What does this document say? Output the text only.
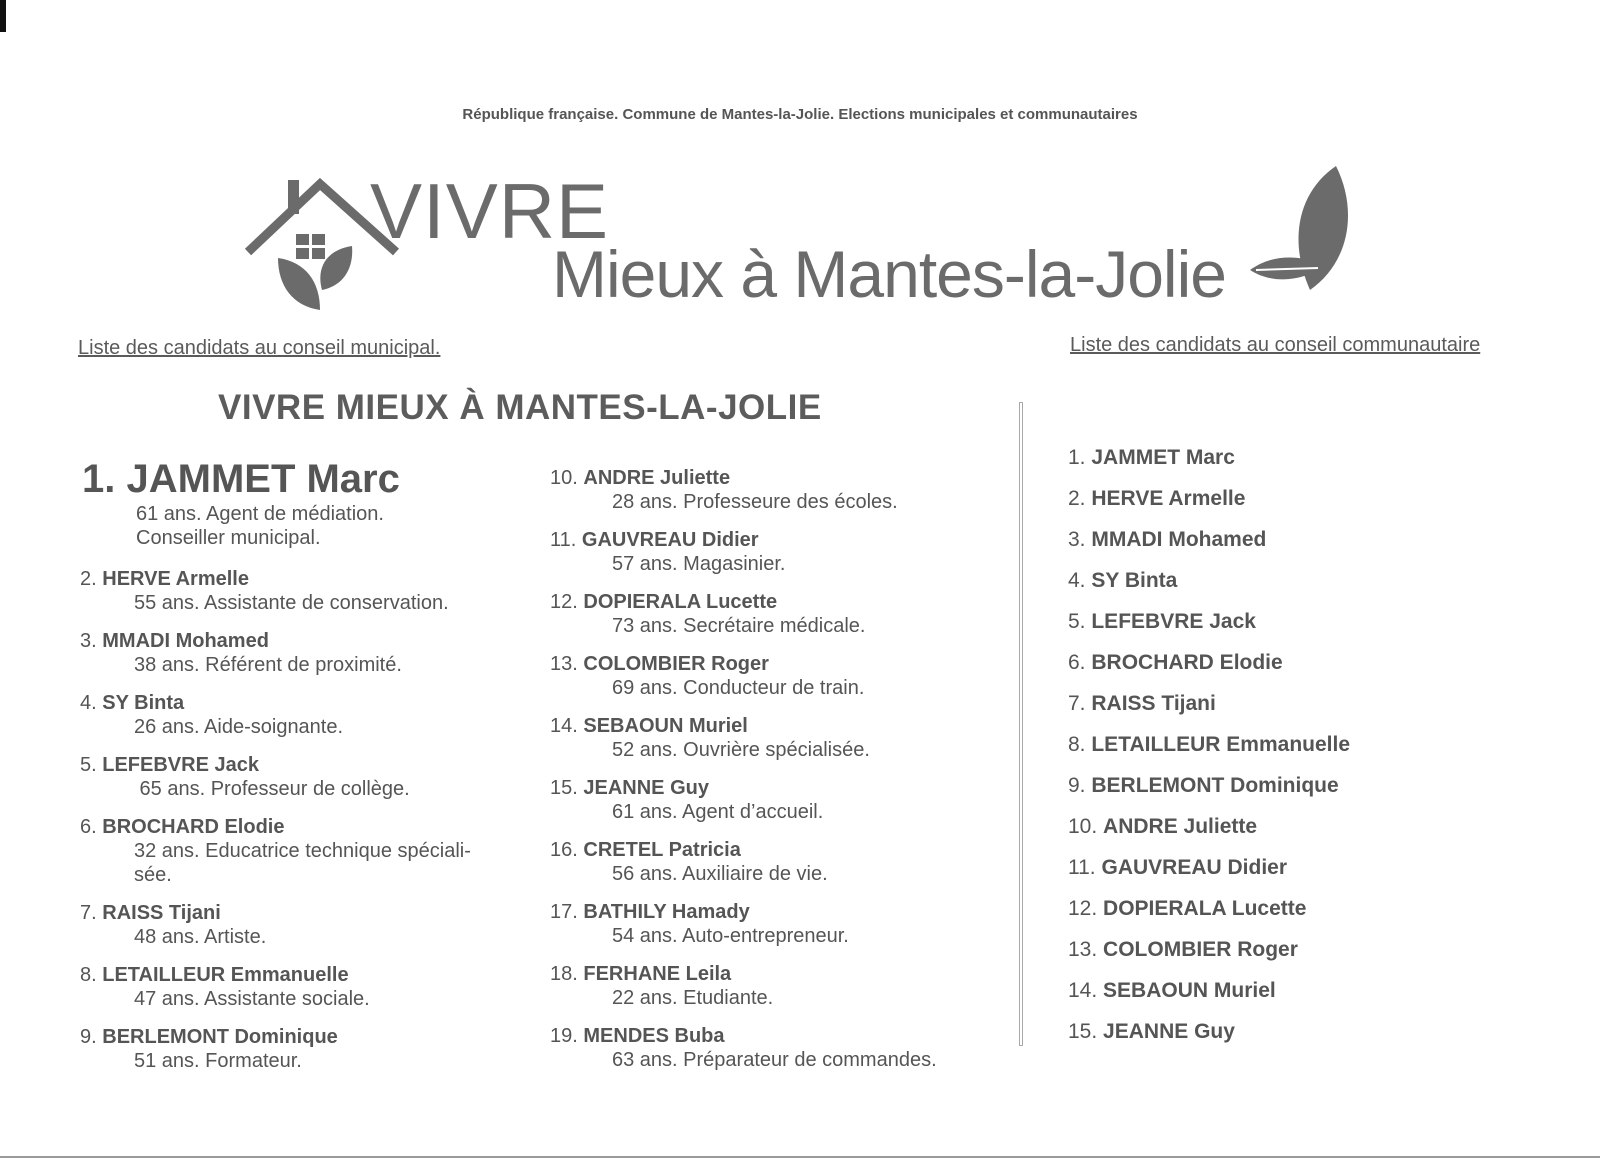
République française. Commune de Mantes-la-Jolie. Elections municipales et communautaires
VIVRE
Mieux à Mantes-la-Jolie
Liste des candidats au conseil municipal.	Liste des candidats au conseil communautaire
VIVRE MIEUX À MANTES-LA-JOLIE
1. JAMMET Marc
61 ans. Agent de médiation.
Conseiller municipal.
2. HERVE Armelle
55 ans. Assistante de conservation.
3. MMADI Mohamed
38 ans. Référent de proximité.
4. SY Binta
26 ans. Aide-soignante.
5. LEFEBVRE Jack
65 ans. Professeur de collège.
6. BROCHARD Elodie
32 ans. Educatrice technique spéciali-
sée.
7. RAISS Tijani
48 ans. Artiste.
8. LETAILLEUR Emmanuelle
47 ans. Assistante sociale.
9. BERLEMONT Dominique
51 ans. Formateur.
10. ANDRE Juliette
28 ans. Professeure des écoles.
11. GAUVREAU Didier
57 ans. Magasinier.
12. DOPIERALA Lucette
73 ans. Secrétaire médicale.
13. COLOMBIER Roger
69 ans. Conducteur de train.
14. SEBAOUN Muriel
52 ans. Ouvrière spécialisée.
15. JEANNE Guy
61 ans. Agent d’accueil.
16. CRETEL Patricia
56 ans. Auxiliaire de vie.
17. BATHILY Hamady
54 ans. Auto-entrepreneur.
18. FERHANE Leila
22 ans. Etudiante.
19. MENDES Buba
63 ans. Préparateur de commandes.
1. JAMMET Marc
2. HERVE Armelle
3. MMADI Mohamed
4. SY Binta
5. LEFEBVRE Jack
6. BROCHARD Elodie
7. RAISS Tijani
8. LETAILLEUR Emmanuelle
9. BERLEMONT Dominique
10. ANDRE Juliette
11. GAUVREAU Didier
12. DOPIERALA Lucette
13. COLOMBIER Roger
14. SEBAOUN Muriel
15. JEANNE Guy
